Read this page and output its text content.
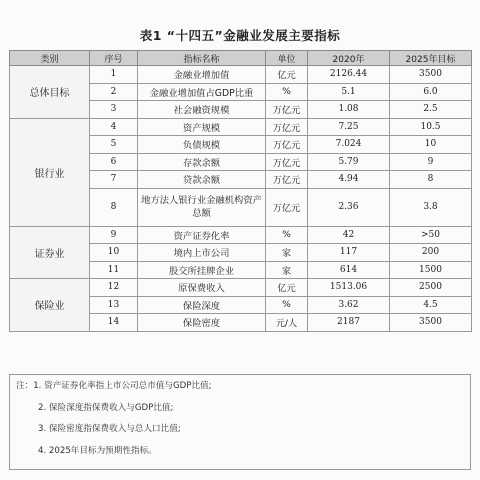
表1 “十四五”金融业发展主要指标
类别	序号	指标名称	单位	2020年	2025年目标
总体目标	1	金融业增加值	亿元	2126.44	3500
	2	金融业增加值占GDP比重	%	5.1	6.0
	3	社会融资规模	万亿元	1.08	2.5
银行业	4	资产规模	万亿元	7.25	10.5
	5	负债规模	万亿元	7.024	10
	6	存款余额	万亿元	5.79	9
	7	贷款余额	万亿元	4.94	8
	8	地方法人银行业金融机构资产总额	万亿元	2.36	3.8
证券业	9	资产证券化率	%	42	>50
	10	境内上市公司	家	117	200
	11	股交所挂牌企业	家	614	1500
保险业	12	原保费收入	亿元	1513.06	2500
	13	保险深度	%	3.62	4.5
	14	保险密度	元/人	2187	3500
注：1. 资产证券化率指上市公司总市值与GDP比值;
2. 保险深度指保费收入与GDP比值;
3. 保险密度指保费收入与总人口比值;
4. 2025年目标为预期性指标。
